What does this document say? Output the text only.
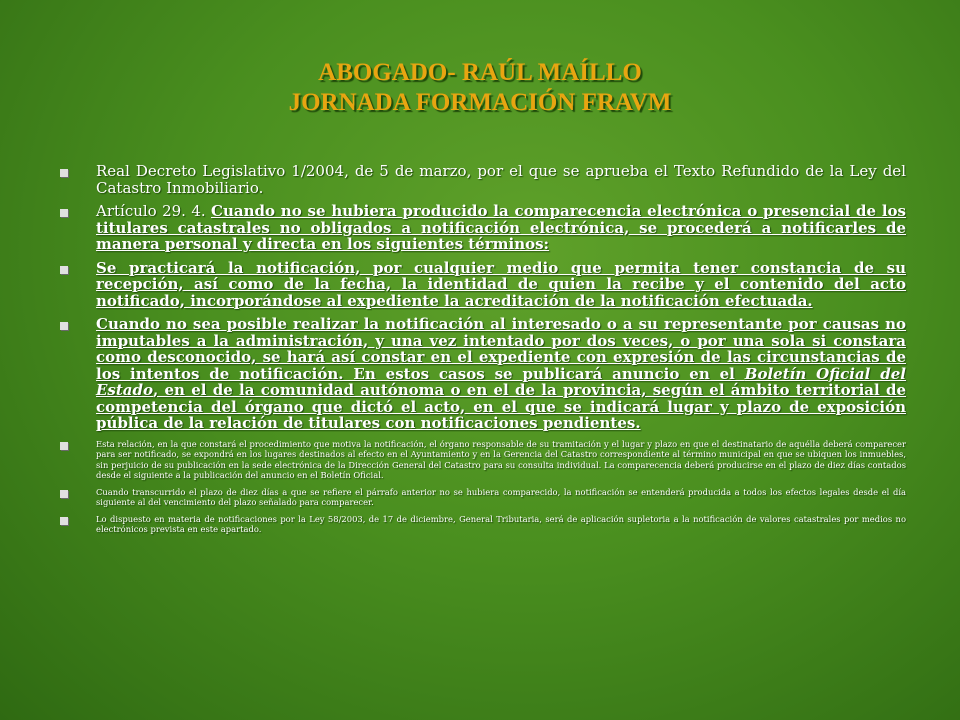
ABOGADO- RAÚL MAÍLLO
JORNADA FORMACIÓN FRAVM
Real Decreto Legislativo 1/2004, de 5 de marzo, por el que se aprueba el Texto Refundido de la Ley del Catastro Inmobiliario.
Artículo 29. 4. Cuando no se hubiera producido la comparecencia electrónica o presencial de los titulares catastrales no obligados a notificación electrónica, se procederá a notificarles de manera personal y directa en los siguientes términos:
Se practicará la notificación, por cualquier medio que permita tener constancia de su recepción, así como de la fecha, la identidad de quien la recibe y el contenido del acto notificado, incorporándose al expediente la acreditación de la notificación efectuada.
Cuando no sea posible realizar la notificación al interesado o a su representante por causas no imputables a la administración, y una vez intentado por dos veces, o por una sola si constara como desconocido, se hará así constar en el expediente con expresión de las circunstancias de los intentos de notificación. En estos casos se publicará anuncio en el Boletín Oficial del Estado, en el de la comunidad autónoma o en el de la provincia, según el ámbito territorial de competencia del órgano que dictó el acto, en el que se indicará lugar y plazo de exposición pública de la relación de titulares con notificaciones pendientes.
Esta relación, en la que constará el procedimiento que motiva la notificación, el órgano responsable de su tramitación y el lugar y plazo en que el destinatario de aquélla deberá comparecer para ser notificado, se expondrá en los lugares destinados al efecto en el Ayuntamiento y en la Gerencia del Catastro correspondiente al término municipal en que se ubiquen los inmuebles, sin perjuicio de su publicación en la sede electrónica de la Dirección General del Catastro para su consulta individual. La comparecencia deberá producirse en el plazo de diez días contados desde el siguiente a la publicación del anuncio en el Boletín Oficial.
Cuando transcurrido el plazo de diez días a que se refiere el párrafo anterior no se hubiera comparecido, la notificación se entenderá producida a todos los efectos legales desde el día siguiente al del vencimiento del plazo señalado para comparecer.
Lo dispuesto en materia de notificaciones por la Ley 58/2003, de 17 de diciembre, General Tributaria, será de aplicación supletoria a la notificación de valores catastrales por medios no electrónicos prevista en este apartado.
